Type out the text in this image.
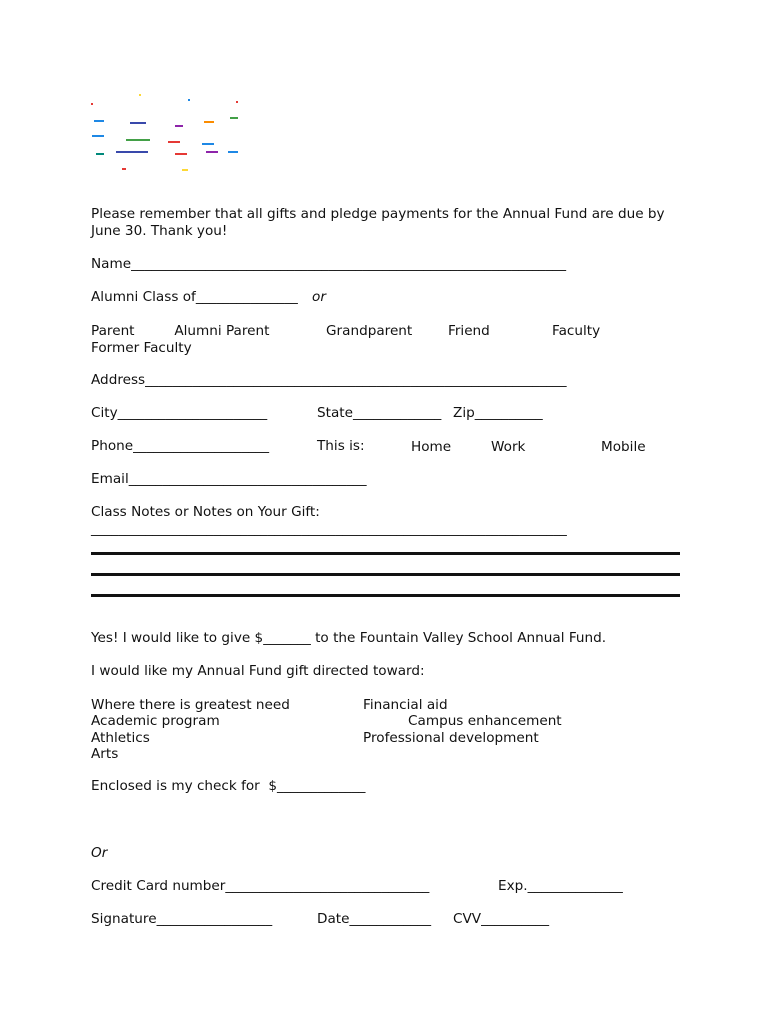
Please remember that all gifts and pledge payments for the Annual Fund are due by
June 30. Thank you!
Name________________________________________________________________
Alumni Class of_______________ or
Parent	Alumni Parent	Grandparent	Friend	Faculty
Former Faculty
Address______________________________________________________________
City______________________	State_____________ Zip__________
Phone____________________	This is:	Home	Work	Mobile
Email___________________________________
Class Notes or Notes on Your Gift:
______________________________________________________________________
Yes! I would like to give $_______ to the Fountain Valley School Annual Fund.
I would like my Annual Fund gift directed toward:
Where there is greatest need	Financial aid
Academic program	Campus enhancement
Athletics	Professional development
Arts
Enclosed is my check for  $_____________
Or
Credit Card number______________________________	Exp.______________
Signature_________________	Date____________ CVV__________
